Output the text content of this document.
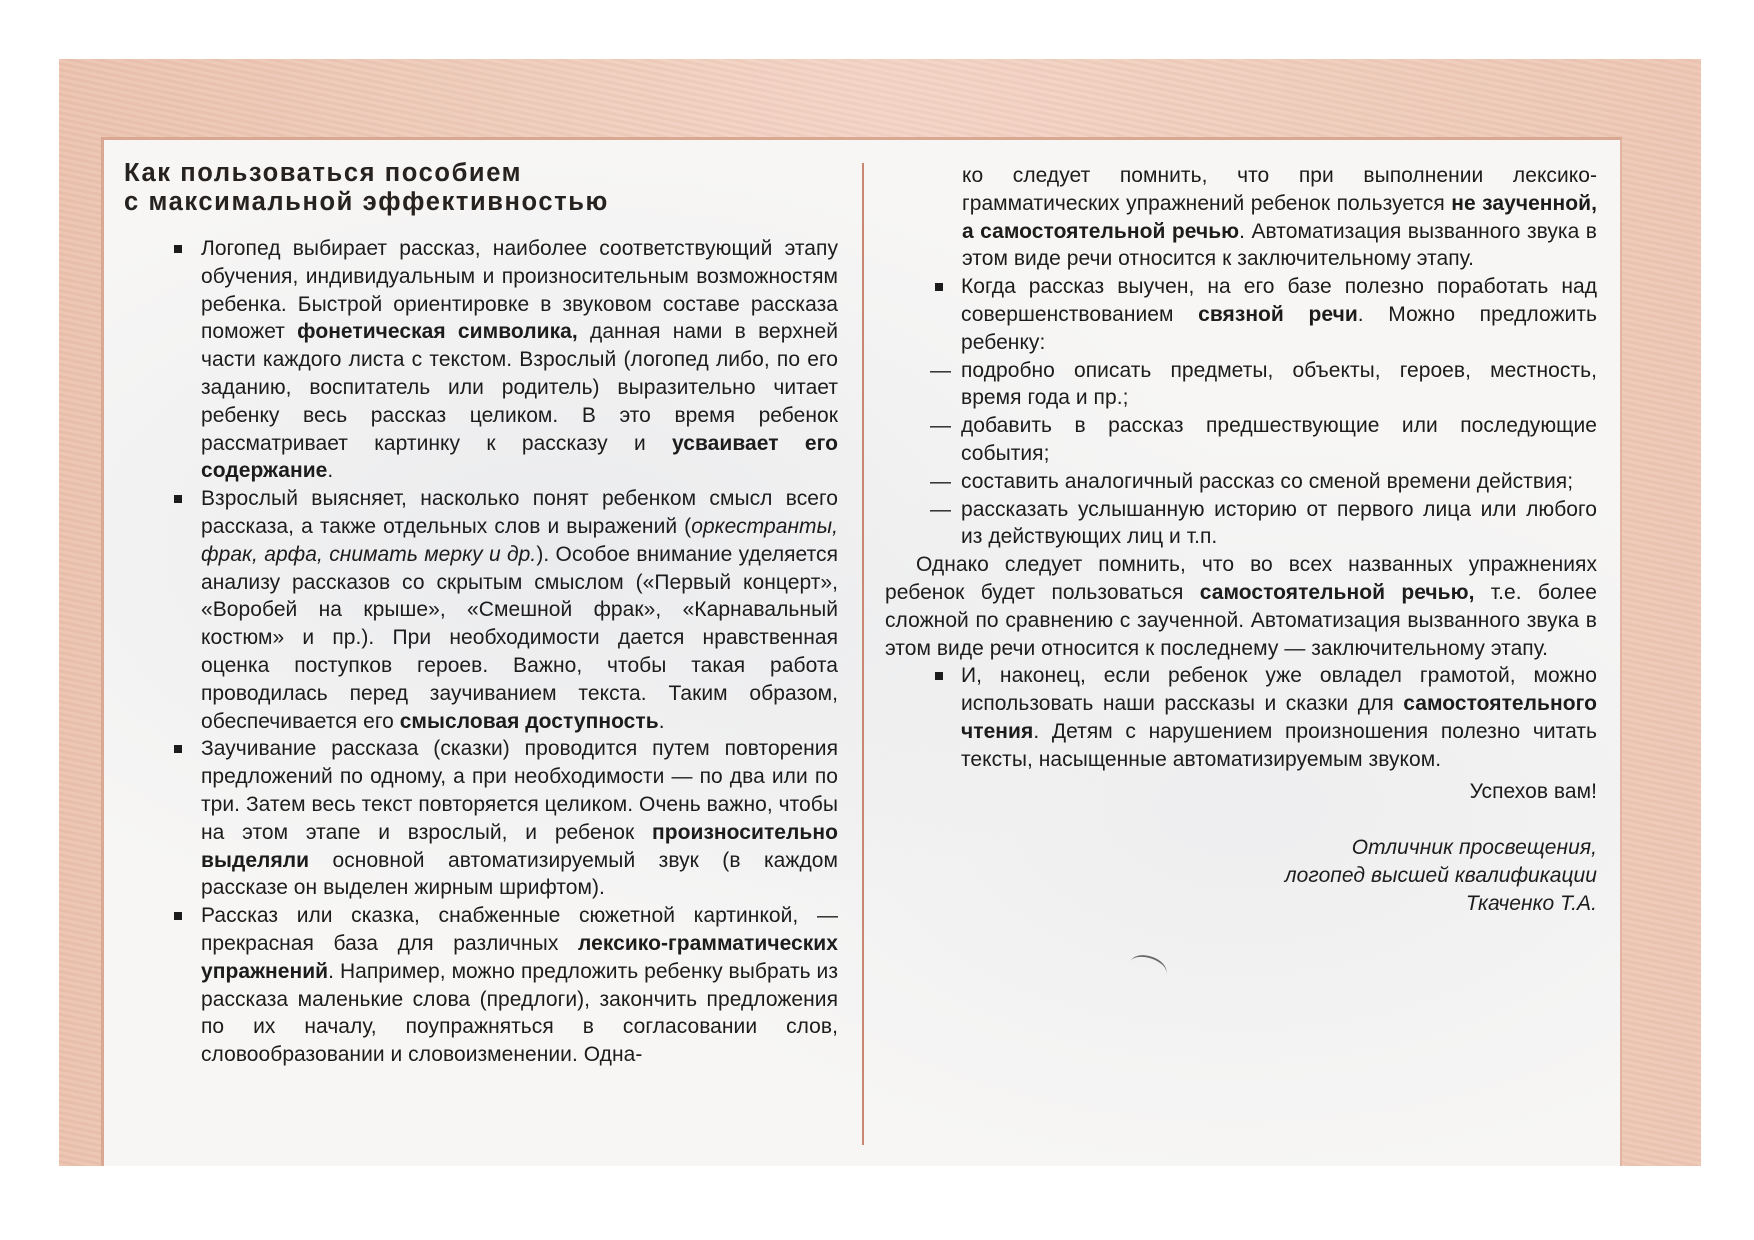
Как пользоваться пособием
с максимальной эффективностью

Логопед выбирает рассказ, наиболее соответствующий этапу обучения, индивидуальным и произносительным возможностям ребенка. Быстрой ориентировке в звуковом составе рассказа поможет фонетическая символика, данная нами в верхней части каждого листа с текстом. Взрослый (логопед либо, по его заданию, воспитатель или родитель) выразительно читает ребенку весь рассказ целиком. В это время ребенок рассматривает картинку к рассказу и усваивает его содержание.

Взрослый выясняет, насколько понят ребенком смысл всего рассказа, а также отдельных слов и выражений (оркестранты, фрак, арфа, снимать мерку и др.). Особое внимание уделяется анализу рассказов со скрытым смыслом («Первый концерт», «Воробей на крыше», «Смешной фрак», «Карнавальный костюм» и пр.). При необходимости дается нравственная оценка поступков героев. Важно, чтобы такая работа проводилась перед заучиванием текста. Таким образом, обеспечивается его смысловая доступность.

Заучивание рассказа (сказки) проводится путем повторения предложений по одному, а при необходимости — по два или по три. Затем весь текст повторяется целиком. Очень важно, чтобы на этом этапе и взрослый, и ребенок произносительно выделяли основной автоматизируемый звук (в каждом рассказе он выделен жирным шрифтом).

Рассказ или сказка, снабженные сюжетной картинкой, — прекрасная база для различных лексико-грамматических упражнений. Например, можно предложить ребенку выбрать из рассказа маленькие слова (предлоги), закончить предложения по их началу, поупражняться в согласовании слов, словообразовании и словоизменении. Одна-

ко следует помнить, что при выполнении лексико-грамматических упражнений ребенок пользуется не заученной, а самостоятельной речью. Автоматизация вызванного звука в этом виде речи относится к заключительному этапу.

Когда рассказ выучен, на его базе полезно поработать над совершенствованием связной речи. Можно предложить ребенку:

— подробно описать предметы, объекты, героев, местность, время года и пр.;

— добавить в рассказ предшествующие или последующие события;

— составить аналогичный рассказ со сменой времени действия;

— рассказать услышанную историю от первого лица или любого из действующих лиц и т.п.

Однако следует помнить, что во всех названных упражнениях ребенок будет пользоваться самостоятельной речью, т.е. более сложной по сравнению с заученной. Автоматизация вызванного звука в этом виде речи относится к последнему — заключительному этапу.

И, наконец, если ребенок уже овладел грамотой, можно использовать наши рассказы и сказки для самостоятельного чтения. Детям с нарушением произношения полезно читать тексты, насыщенные автоматизируемым звуком.

Успехов вам!

Отличник просвещения,

логопед высшей квалификации

Ткаченко Т.А.
